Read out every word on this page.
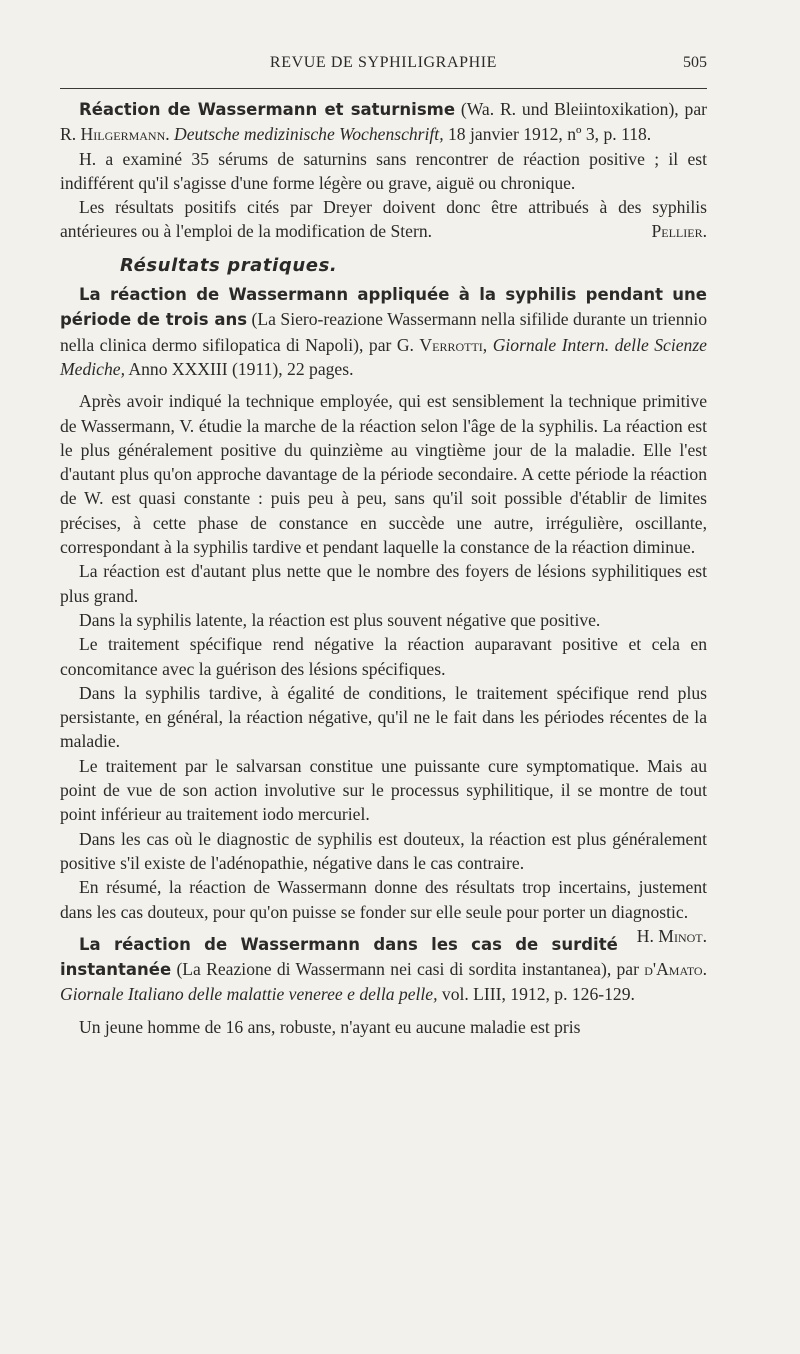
REVUE DE SYPHILIGRAPHIE	505

Réaction de Wassermann et saturnisme (Wa. R. und Bleiintoxikation), par R. Hilgermann. Deutsche medizinische Wochenschrift, 18 janvier 1912, nº 3, p. 118.

H. a examiné 35 sérums de saturnins sans rencontrer de réaction positive ; il est indifférent qu'il s'agisse d'une forme légère ou grave, aiguë ou chronique.

Les résultats positifs cités par Dreyer doivent donc être attribués à des syphilis antérieures ou à l'emploi de la modification de Stern.	Pellier.

Résultats pratiques.

La réaction de Wassermann appliquée à la syphilis pendant une période de trois ans (La Siero-reazione Wassermann nella sifilide durante un triennio nella clinica dermo sifilopatica di Napoli), par G. Verrotti, Giornale Intern. delle Scienze Mediche, Anno XXXIII (1911), 22 pages.

Après avoir indiqué la technique employée, qui est sensiblement la technique primitive de Wassermann, V. étudie la marche de la réaction selon l'âge de la syphilis. La réaction est le plus généralement positive du quinzième au vingtième jour de la maladie. Elle l'est d'autant plus qu'on approche davantage de la période secondaire. A cette période la réaction de W. est quasi constante : puis peu à peu, sans qu'il soit possible d'établir de limites précises, à cette phase de constance en succède une autre, irrégulière, oscillante, correspondant à la syphilis tardive et pendant laquelle la constance de la réaction diminue.

La réaction est d'autant plus nette que le nombre des foyers de lésions syphilitiques est plus grand.

Dans la syphilis latente, la réaction est plus souvent négative que positive.

Le traitement spécifique rend négative la réaction auparavant positive et cela en concomitance avec la guérison des lésions spécifiques.

Dans la syphilis tardive, à égalité de conditions, le traitement spécifique rend plus persistante, en général, la réaction négative, qu'il ne le fait dans les périodes récentes de la maladie.

Le traitement par le salvarsan constitue une puissante cure symptomatique. Mais au point de vue de son action involutive sur le processus syphilitique, il se montre de tout point inférieur au traitement iodo mercuriel.

Dans les cas où le diagnostic de syphilis est douteux, la réaction est plus généralement positive s'il existe de l'adénopathie, négative dans le cas contraire.

En résumé, la réaction de Wassermann donne des résultats trop incertains, justement dans les cas douteux, pour qu'on puisse se fonder sur elle seule pour porter un diagnostic.
H. Minot.

La réaction de Wassermann dans les cas de surdité instantanée (La Reazione di Wassermann nei casi di sordita instantanea), par d'Amato. Giornale Italiano delle malattie veneree e della pelle, vol. LIII, 1912, p. 126-129.

Un jeune homme de 16 ans, robuste, n'ayant eu aucune maladie est pris
